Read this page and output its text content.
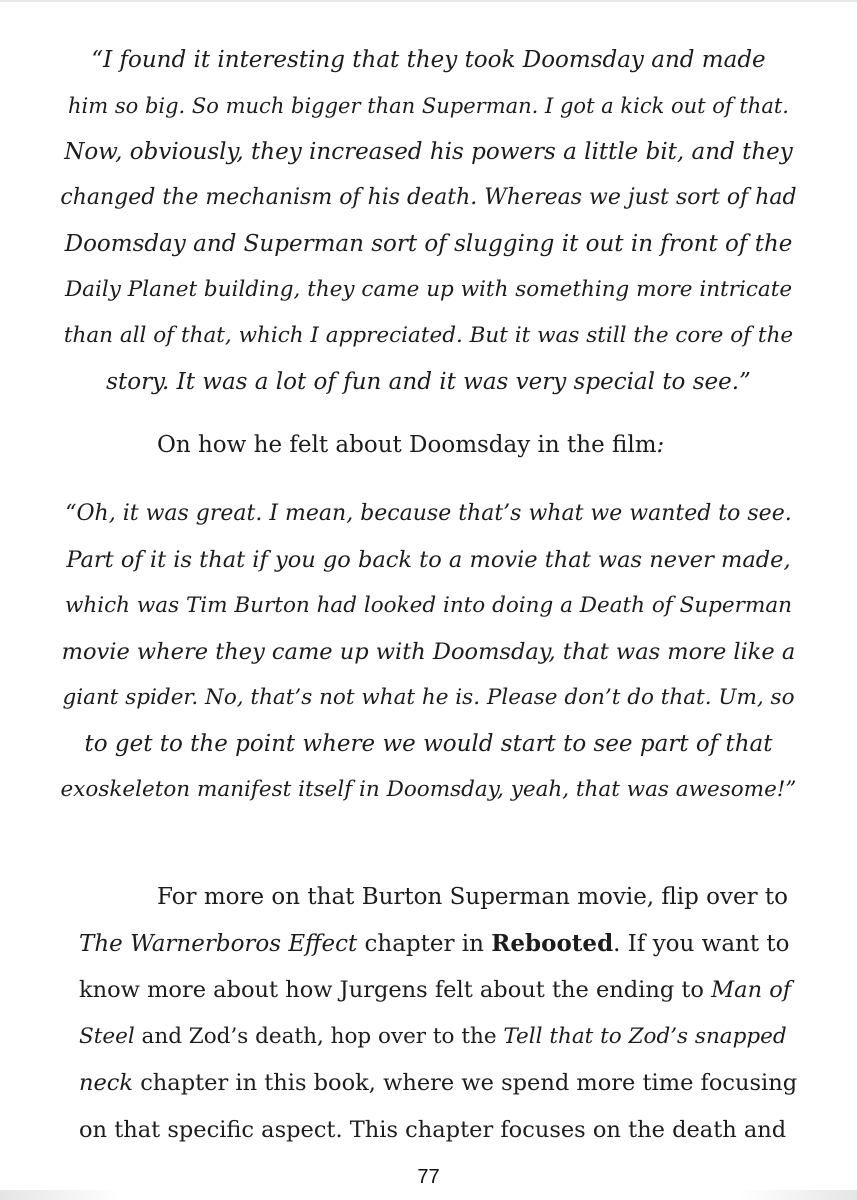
“I found it interesting that they took Doomsday and made
him so big. So much bigger than Superman. I got a kick out of that.
Now, obviously, they increased his powers a little bit, and they
changed the mechanism of his death. Whereas we just sort of had
Doomsday and Superman sort of slugging it out in front of the
Daily Planet building, they came up with something more intricate
than all of that, which I appreciated. But it was still the core of the
story. It was a lot of fun and it was very special to see.”

On how he felt about Doomsday in the film:

“Oh, it was great. I mean, because that’s what we wanted to see.
Part of it is that if you go back to a movie that was never made,
which was Tim Burton had looked into doing a Death of Superman
movie where they came up with Doomsday, that was more like a
giant spider. No, that’s not what he is. Please don’t do that. Um, so
to get to the point where we would start to see part of that
exoskeleton manifest itself in Doomsday, yeah, that was awesome!”

For more on that Burton Superman movie, flip over to
The Warnerboros Effect chapter in Rebooted. If you want to
know more about how Jurgens felt about the ending to Man of
Steel and Zod’s death, hop over to the Tell that to Zod’s snapped
neck chapter in this book, where we spend more time focusing
on that specific aspect. This chapter focuses on the death and

77
